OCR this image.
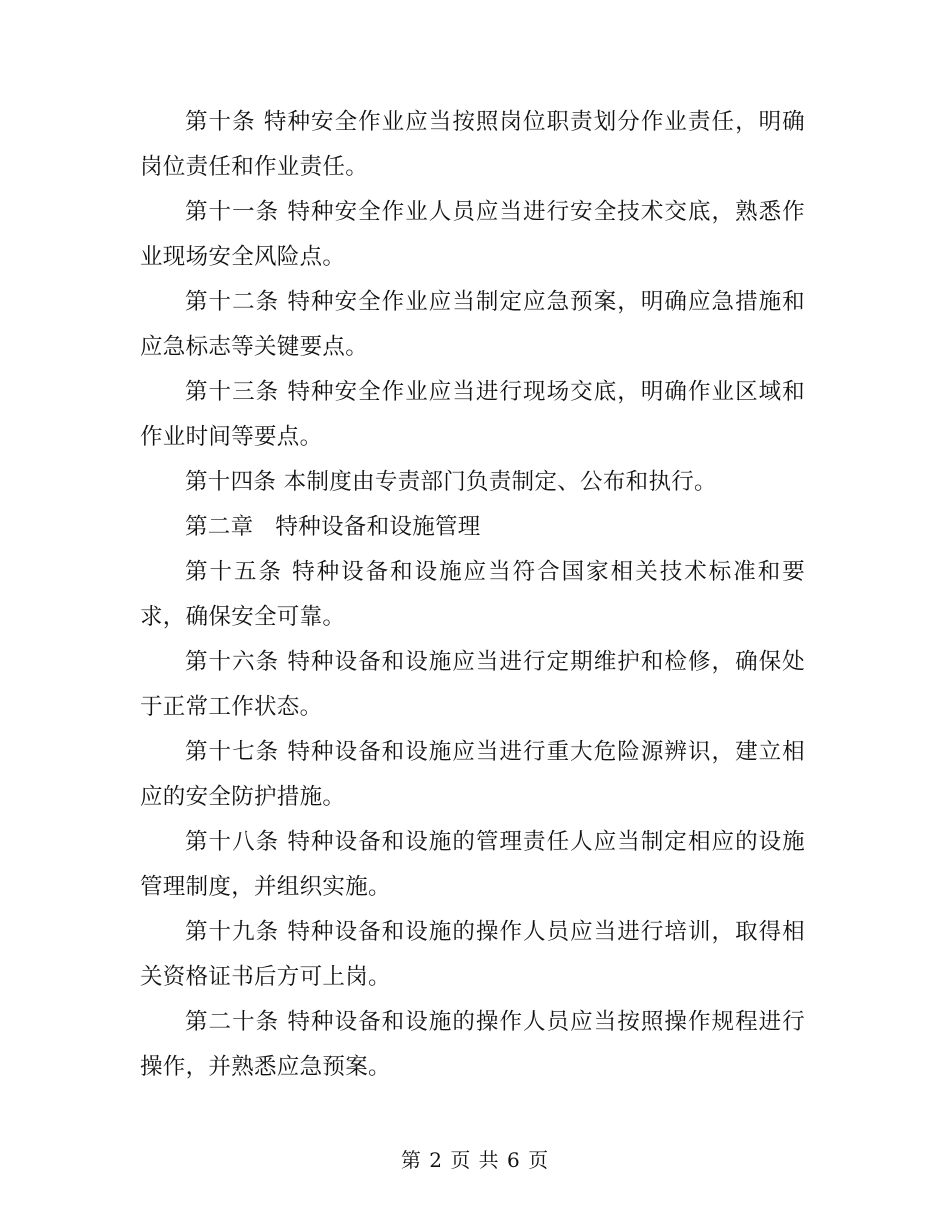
第十条 特种安全作业应当按照岗位职责划分作业责任，明确岗位责任和作业责任。

第十一条 特种安全作业人员应当进行安全技术交底，熟悉作业现场安全风险点。

第十二条 特种安全作业应当制定应急预案，明确应急措施和应急标志等关键要点。

第十三条 特种安全作业应当进行现场交底，明确作业区域和作业时间等要点。

第十四条 本制度由专责部门负责制定、公布和执行。

第二章 特种设备和设施管理

第十五条 特种设备和设施应当符合国家相关技术标准和要求，确保安全可靠。

第十六条 特种设备和设施应当进行定期维护和检修，确保处于正常工作状态。

第十七条 特种设备和设施应当进行重大危险源辨识，建立相应的安全防护措施。

第十八条 特种设备和设施的管理责任人应当制定相应的设施管理制度，并组织实施。

第十九条 特种设备和设施的操作人员应当进行培训，取得相关资格证书后方可上岗。

第二十条 特种设备和设施的操作人员应当按照操作规程进行操作，并熟悉应急预案。

第 2 页 共 6 页
